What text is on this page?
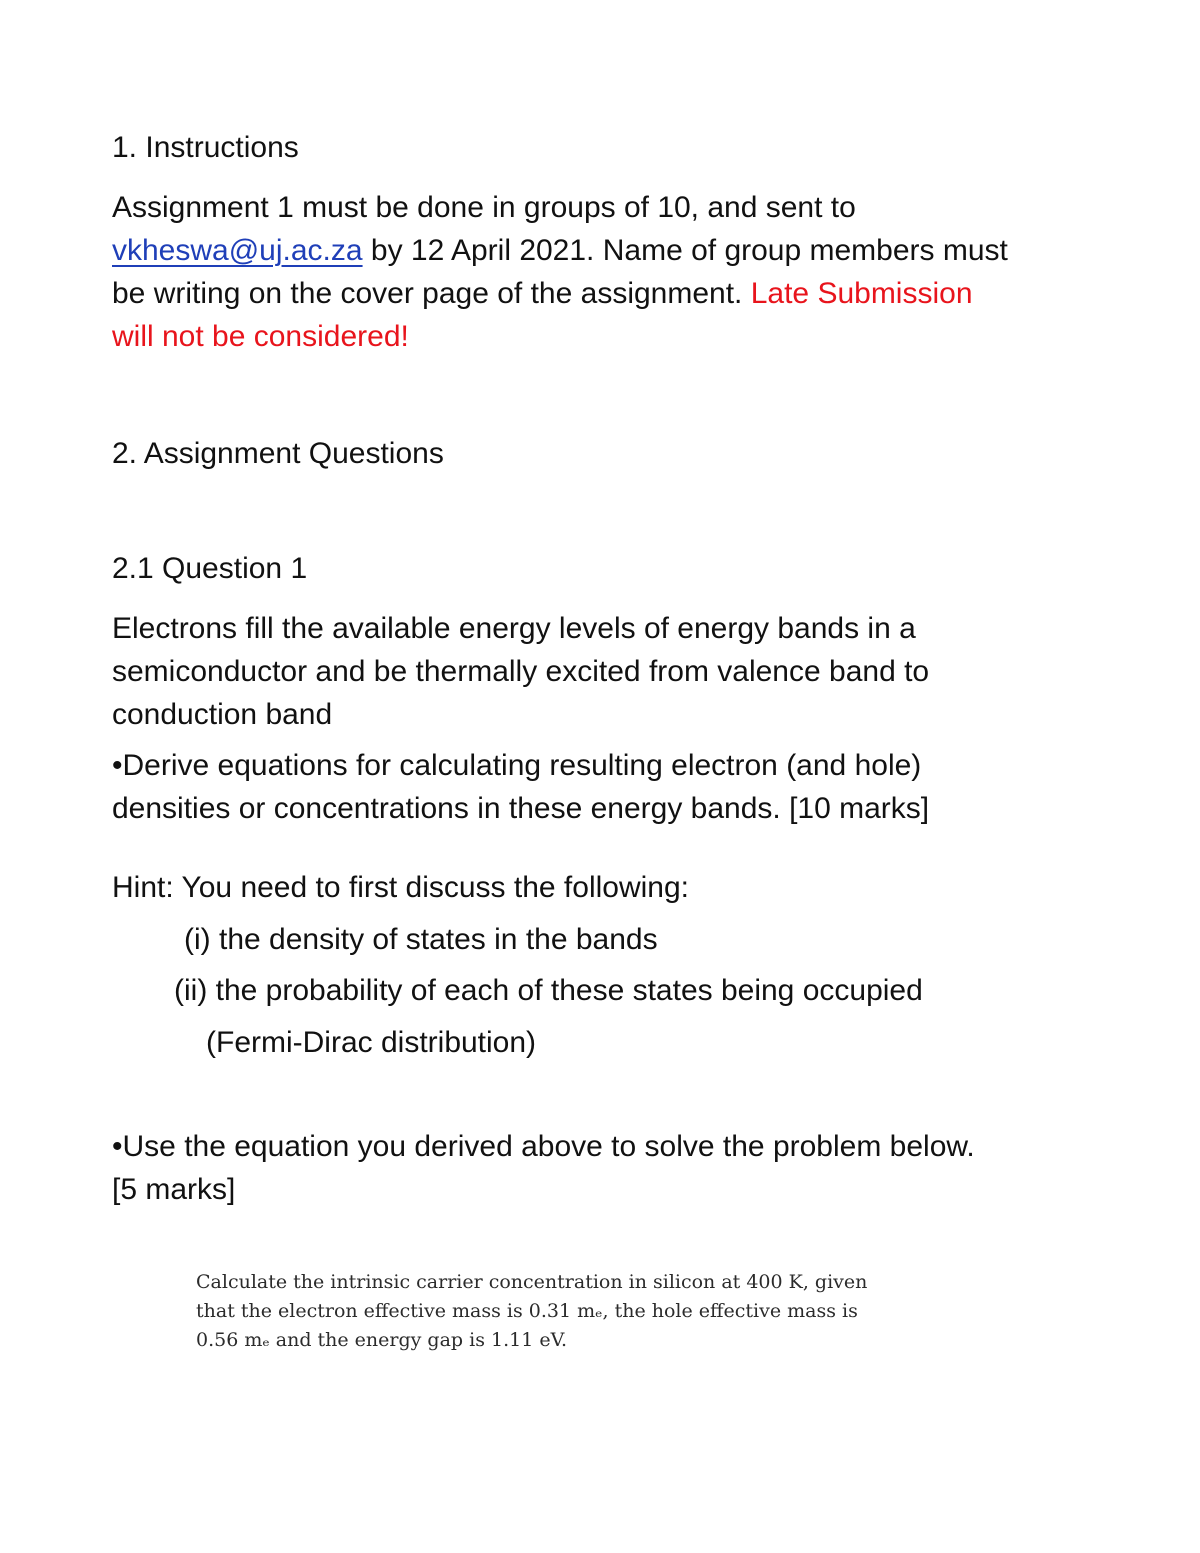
1. Instructions

Assignment 1 must be done in groups of 10, and sent to

vkheswa@uj.ac.za by 12 April 2021. Name of group members must

be writing on the cover page of the assignment. Late Submission

will not be considered!

2. Assignment Questions

2.1 Question 1

Electrons fill the available energy levels of energy bands in a

semiconductor and be thermally excited from valence band to

conduction band

•Derive equations for calculating resulting electron (and hole)

densities or concentrations in these energy bands. [10 marks]

Hint: You need to first discuss the following:

(i) the density of states in the bands

(ii) the probability of each of these states being occupied

(Fermi-Dirac distribution)

•Use the equation you derived above to solve the problem below.

[5 marks]

Calculate the intrinsic carrier concentration in silicon at 400 K, given
that the electron effective mass is 0.31 mₑ, the hole effective mass is
0.56 mₑ and the energy gap is 1.11 eV.
